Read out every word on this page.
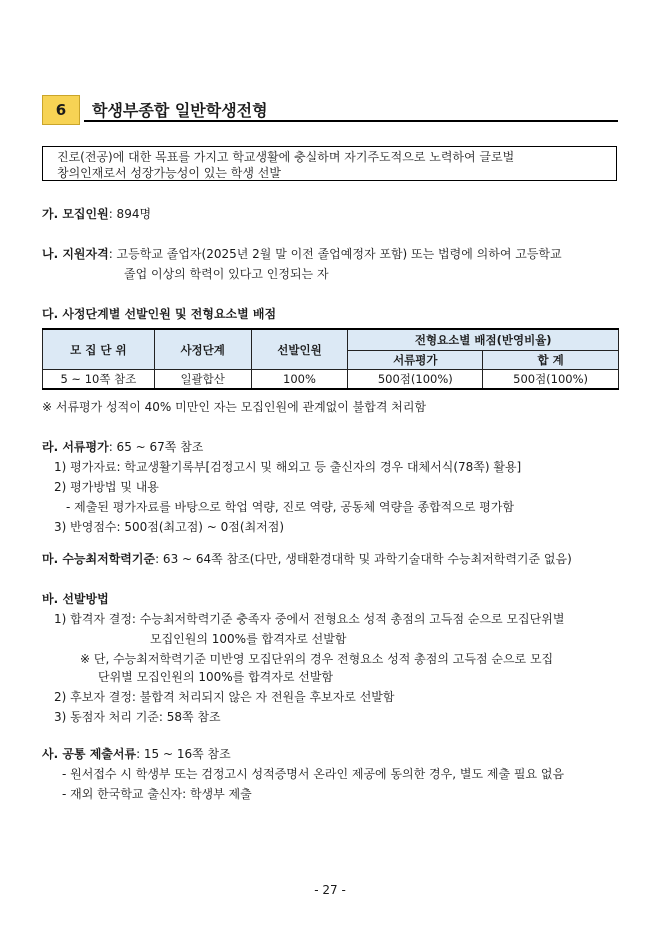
6	학생부종합 일반학생전형
진로(전공)에 대한 목표를 가지고 학교생활에 충실하며 자기주도적으로 노력하여 글로벌
창의인재로서 성장가능성이 있는 학생 선발
가. 모집인원: 894명
나. 지원자격: 고등학교 졸업자(2025년 2월 말 이전 졸업예정자 포함) 또는 법령에 의하여 고등학교
졸업 이상의 학력이 있다고 인정되는 자
다. 사정단계별 선발인원 및 전형요소별 배점
모 집 단 위	사정단계	선발인원	전형요소별 배점(반영비율)	
			서류평가	합 계
5 ~ 10쪽 참조	일괄합산	100%	500점(100%)	500점(100%)
※ 서류평가 성적이 40% 미만인 자는 모집인원에 관계없이 불합격 처리함
라. 서류평가: 65 ~ 67쪽 참조
1) 평가자료: 학교생활기록부[검정고시 및 해외고 등 출신자의 경우 대체서식(78쪽) 활용]
2) 평가방법 및 내용
- 제출된 평가자료를 바탕으로 학업 역량, 진로 역량, 공동체 역량을 종합적으로 평가함
3) 반영점수: 500점(최고점) ~ 0점(최저점)
마. 수능최저학력기준: 63 ~ 64쪽 참조(다만, 생태환경대학 및 과학기술대학 수능최저학력기준 없음)
바. 선발방법
1) 합격자 결정: 수능최저학력기준 충족자 중에서 전형요소 성적 총점의 고득점 순으로 모집단위별
모집인원의 100%를 합격자로 선발함
※ 단, 수능최저학력기준 미반영 모집단위의 경우 전형요소 성적 총점의 고득점 순으로 모집
단위별 모집인원의 100%를 합격자로 선발함
2) 후보자 결정: 불합격 처리되지 않은 자 전원을 후보자로 선발함
3) 동점자 처리 기준: 58쪽 참조
사. 공통 제출서류: 15 ~ 16쪽 참조
- 원서접수 시 학생부 또는 검정고시 성적증명서 온라인 제공에 동의한 경우, 별도 제출 필요 없음
- 재외 한국학교 출신자: 학생부 제출
- 27 -
